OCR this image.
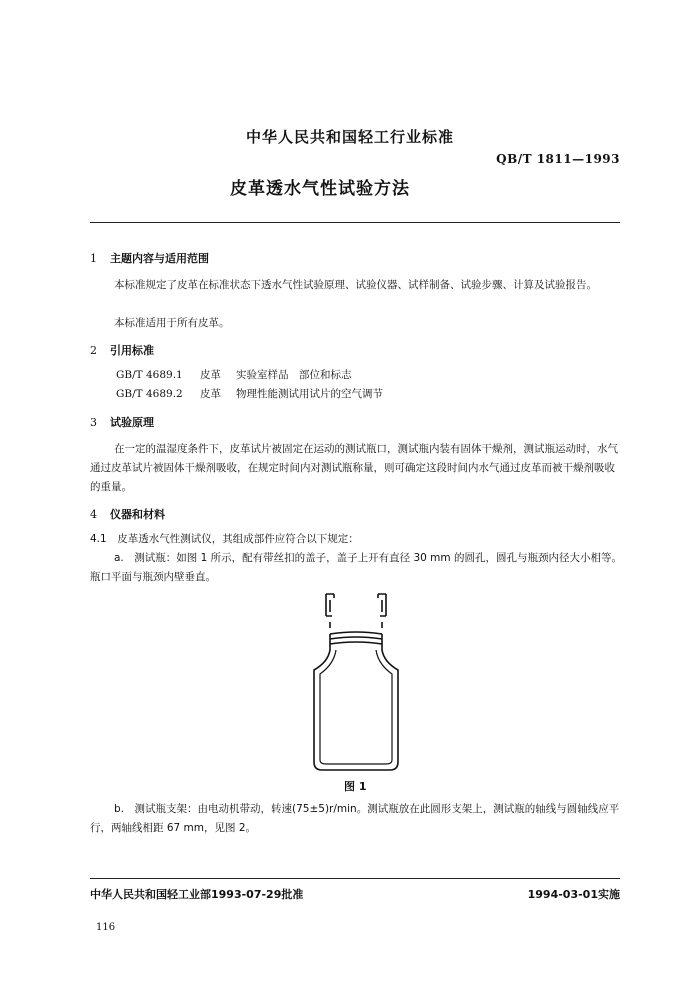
中华人民共和国轻工行业标准
QB/T 1811—1993
皮革透水气性试验方法
1 主题内容与适用范围

本标准规定了皮革在标准状态下透水气性试验原理、试验仪器、试样制备、试验步骤、计算及试验报告。

本标准适用于所有皮革。

2 引用标准
GB/T 4689.1 皮革 实验室样品　部位和标志
GB/T 4689.2 皮革 物理性能测试用试片的空气调节
3 试验原理

在一定的温湿度条件下，皮革试片被固定在运动的测试瓶口，测试瓶内装有固体干燥剂，测试瓶运动时，水气通过皮革试片被固体干燥剂吸收，在规定时间内对测试瓶称量，则可确定这段时间内水气通过皮革而被干燥剂吸收的重量。

4 仪器和材料

4.1　皮革透水气性测试仪，其组成部件应符合以下规定：

a.　测试瓶：如图 1 所示，配有带丝扣的盖子，盖子上开有直径 30 mm 的圆孔，圆孔与瓶颈内径大小相等。瓶口平面与瓶颈内壁垂直。

图 1

b.　测试瓶支架：由电动机带动，转速(75±5)r/min。测试瓶放在此圆形支架上，测试瓶的轴线与圆轴线应平行，两轴线相距 67 mm，见图 2。

中华人民共和国轻工业部1993-07-29批准	1994-03-01实施
116
